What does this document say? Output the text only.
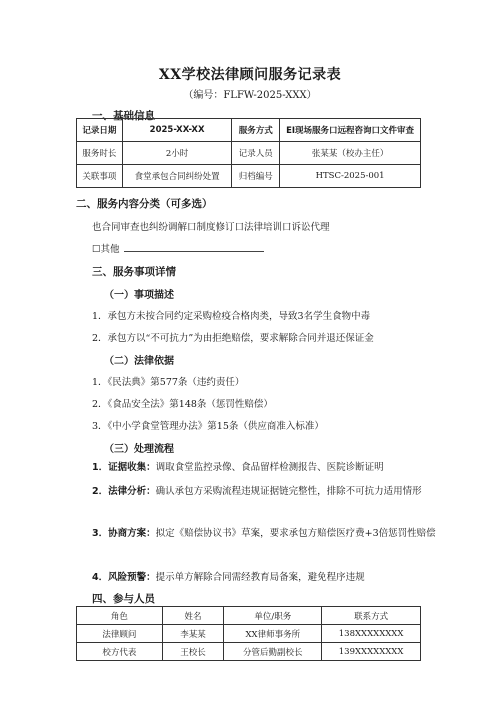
XX学校法律顾问服务记录表
（编号：FLFW-2025-XXX）
一、基础信息
记录日期	2025-XX-XX	服务方式	EI现场服务口远程咨询口文件审查
服务时长	2小时	记录人员	张某某（校办主任）
关联事项	食堂承包合同纠纷处置	归档编号	HTSC-2025-001
二、服务内容分类（可多选）
也合同审查也纠纷调解口制度修订口法律培训口诉讼代理
☐其他
三、服务事项详情
（一）事项描述
1．承包方未按合同约定采购检疫合格肉类，导致3名学生食物中毒
2．承包方以“不可抗力”为由拒绝赔偿，要求解除合同并退还保证金
（二）法律依据
1．《民法典》第577条（违约责任）
2．《食品安全法》第148条（惩罚性赔偿）
3．《中小学食堂管理办法》第15条（供应商准入标准）
（三）处理流程
1．证据收集：调取食堂监控录像、食品留样检测报告、医院诊断证明
2．法律分析：确认承包方采购流程违规证据链完整性，排除不可抗力适用情形
3．协商方案：拟定《赔偿协议书》草案，要求承包方赔偿医疗费+3倍惩罚性赔偿
4．风险预警：提示单方解除合同需经教育局备案，避免程序违规
四、参与人员
角色	姓名	单位/职务	联系方式
法律顾问	李某某	XX律师事务所	138XXXXXXXX
校方代表	王校长	分管后勤副校长	139XXXXXXXX
